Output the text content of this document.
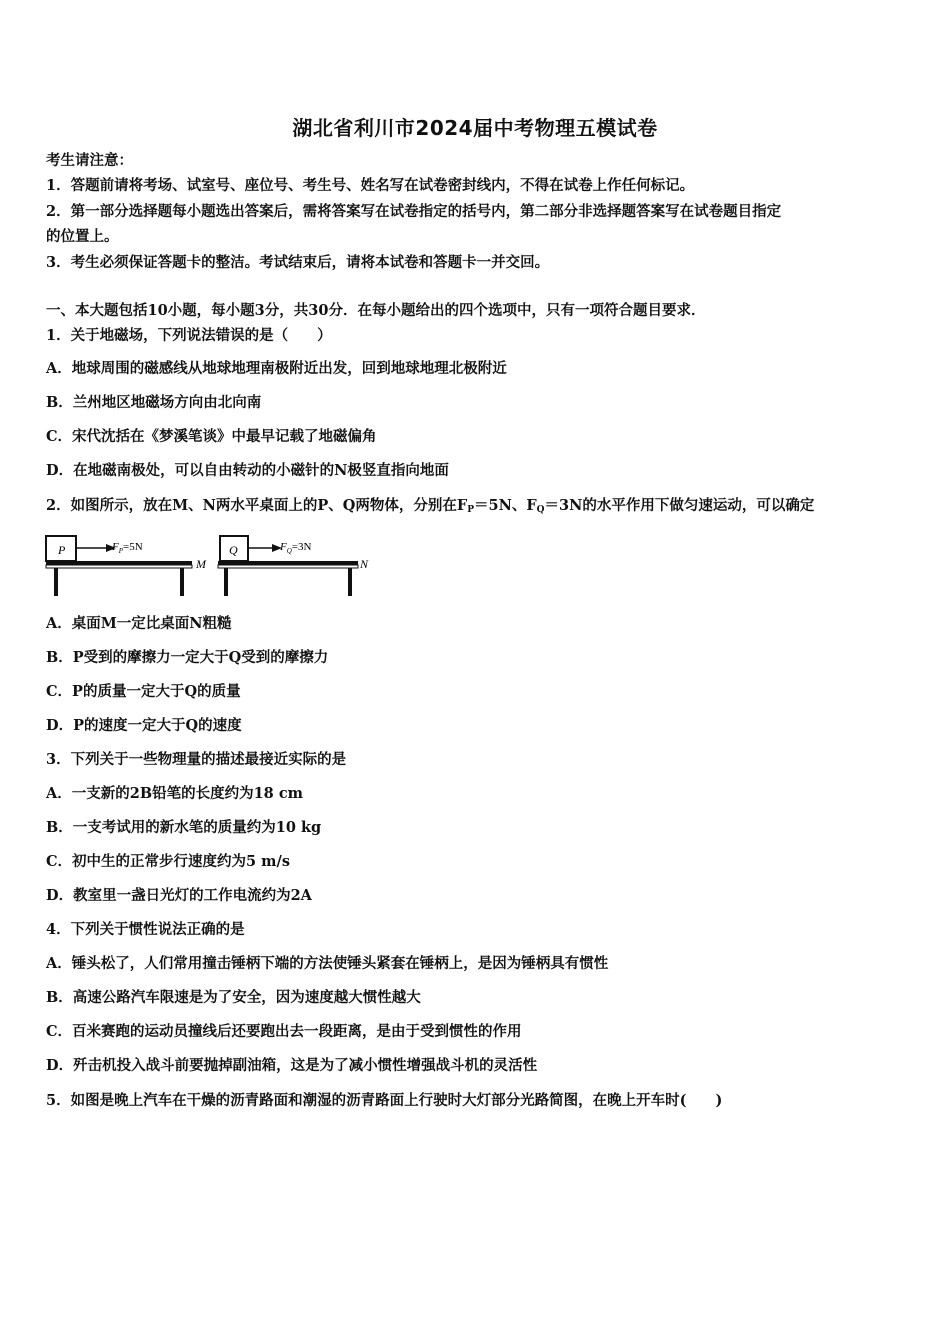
湖北省利川市2024届中考物理五模试卷
考生请注意：
1．答题前请将考场、试室号、座位号、考生号、姓名写在试卷密封线内，不得在试卷上作任何标记。
2．第一部分选择题每小题选出答案后，需将答案写在试卷指定的括号内，第二部分非选择题答案写在试卷题目指定
的位置上。
3．考生必须保证答题卡的整洁。考试结束后，请将本试卷和答题卡一并交回。
一、本大题包括10小题，每小题3分，共30分．在每小题给出的四个选项中，只有一项符合题目要求．
1．关于地磁场，下列说法错误的是（　　）
A．地球周围的磁感线从地球地理南极附近出发，回到地球地理北极附近
B．兰州地区地磁场方向由北向南
C．宋代沈括在《梦溪笔谈》中最早记载了地磁偏角
D．在地磁南极处，可以自由转动的小磁针的N极竖直指向地面
2．如图所示，放在M、N两水平桌面上的P、Q两物体，分别在$F_P=5N$、$F_Q=3N$的水平作用下做匀速运动，可以确定
P	$F_P=5N$
M
Q	$F_Q=3N$
N
A．桌面M一定比桌面N粗糙
B．P受到的摩擦力一定大于Q受到的摩擦力
C．P的质量一定大于Q的质量
D．P的速度一定大于Q的速度
3．下列关于一些物理量的描述最接近实际的是
A．一支新的2B铅笔的长度约为18 cm
B．一支考试用的新水笔的质量约为10 kg
C．初中生的正常步行速度约为5 m/s
D．教室里一盏日光灯的工作电流约为2A
4．下列关于惯性说法正确的是
A．锤头松了，人们常用撞击锤柄下端的方法使锤头紧套在锤柄上，是因为锤柄具有惯性
B．高速公路汽车限速是为了安全，因为速度越大惯性越大
C．百米赛跑的运动员撞线后还要跑出去一段距离，是由于受到惯性的作用
D．歼击机投入战斗前要抛掉副油箱，这是为了减小惯性增强战斗机的灵活性
5．如图是晚上汽车在干燥的沥青路面和潮湿的沥青路面上行驶时大灯部分光路简图，在晚上开车时(　　)
